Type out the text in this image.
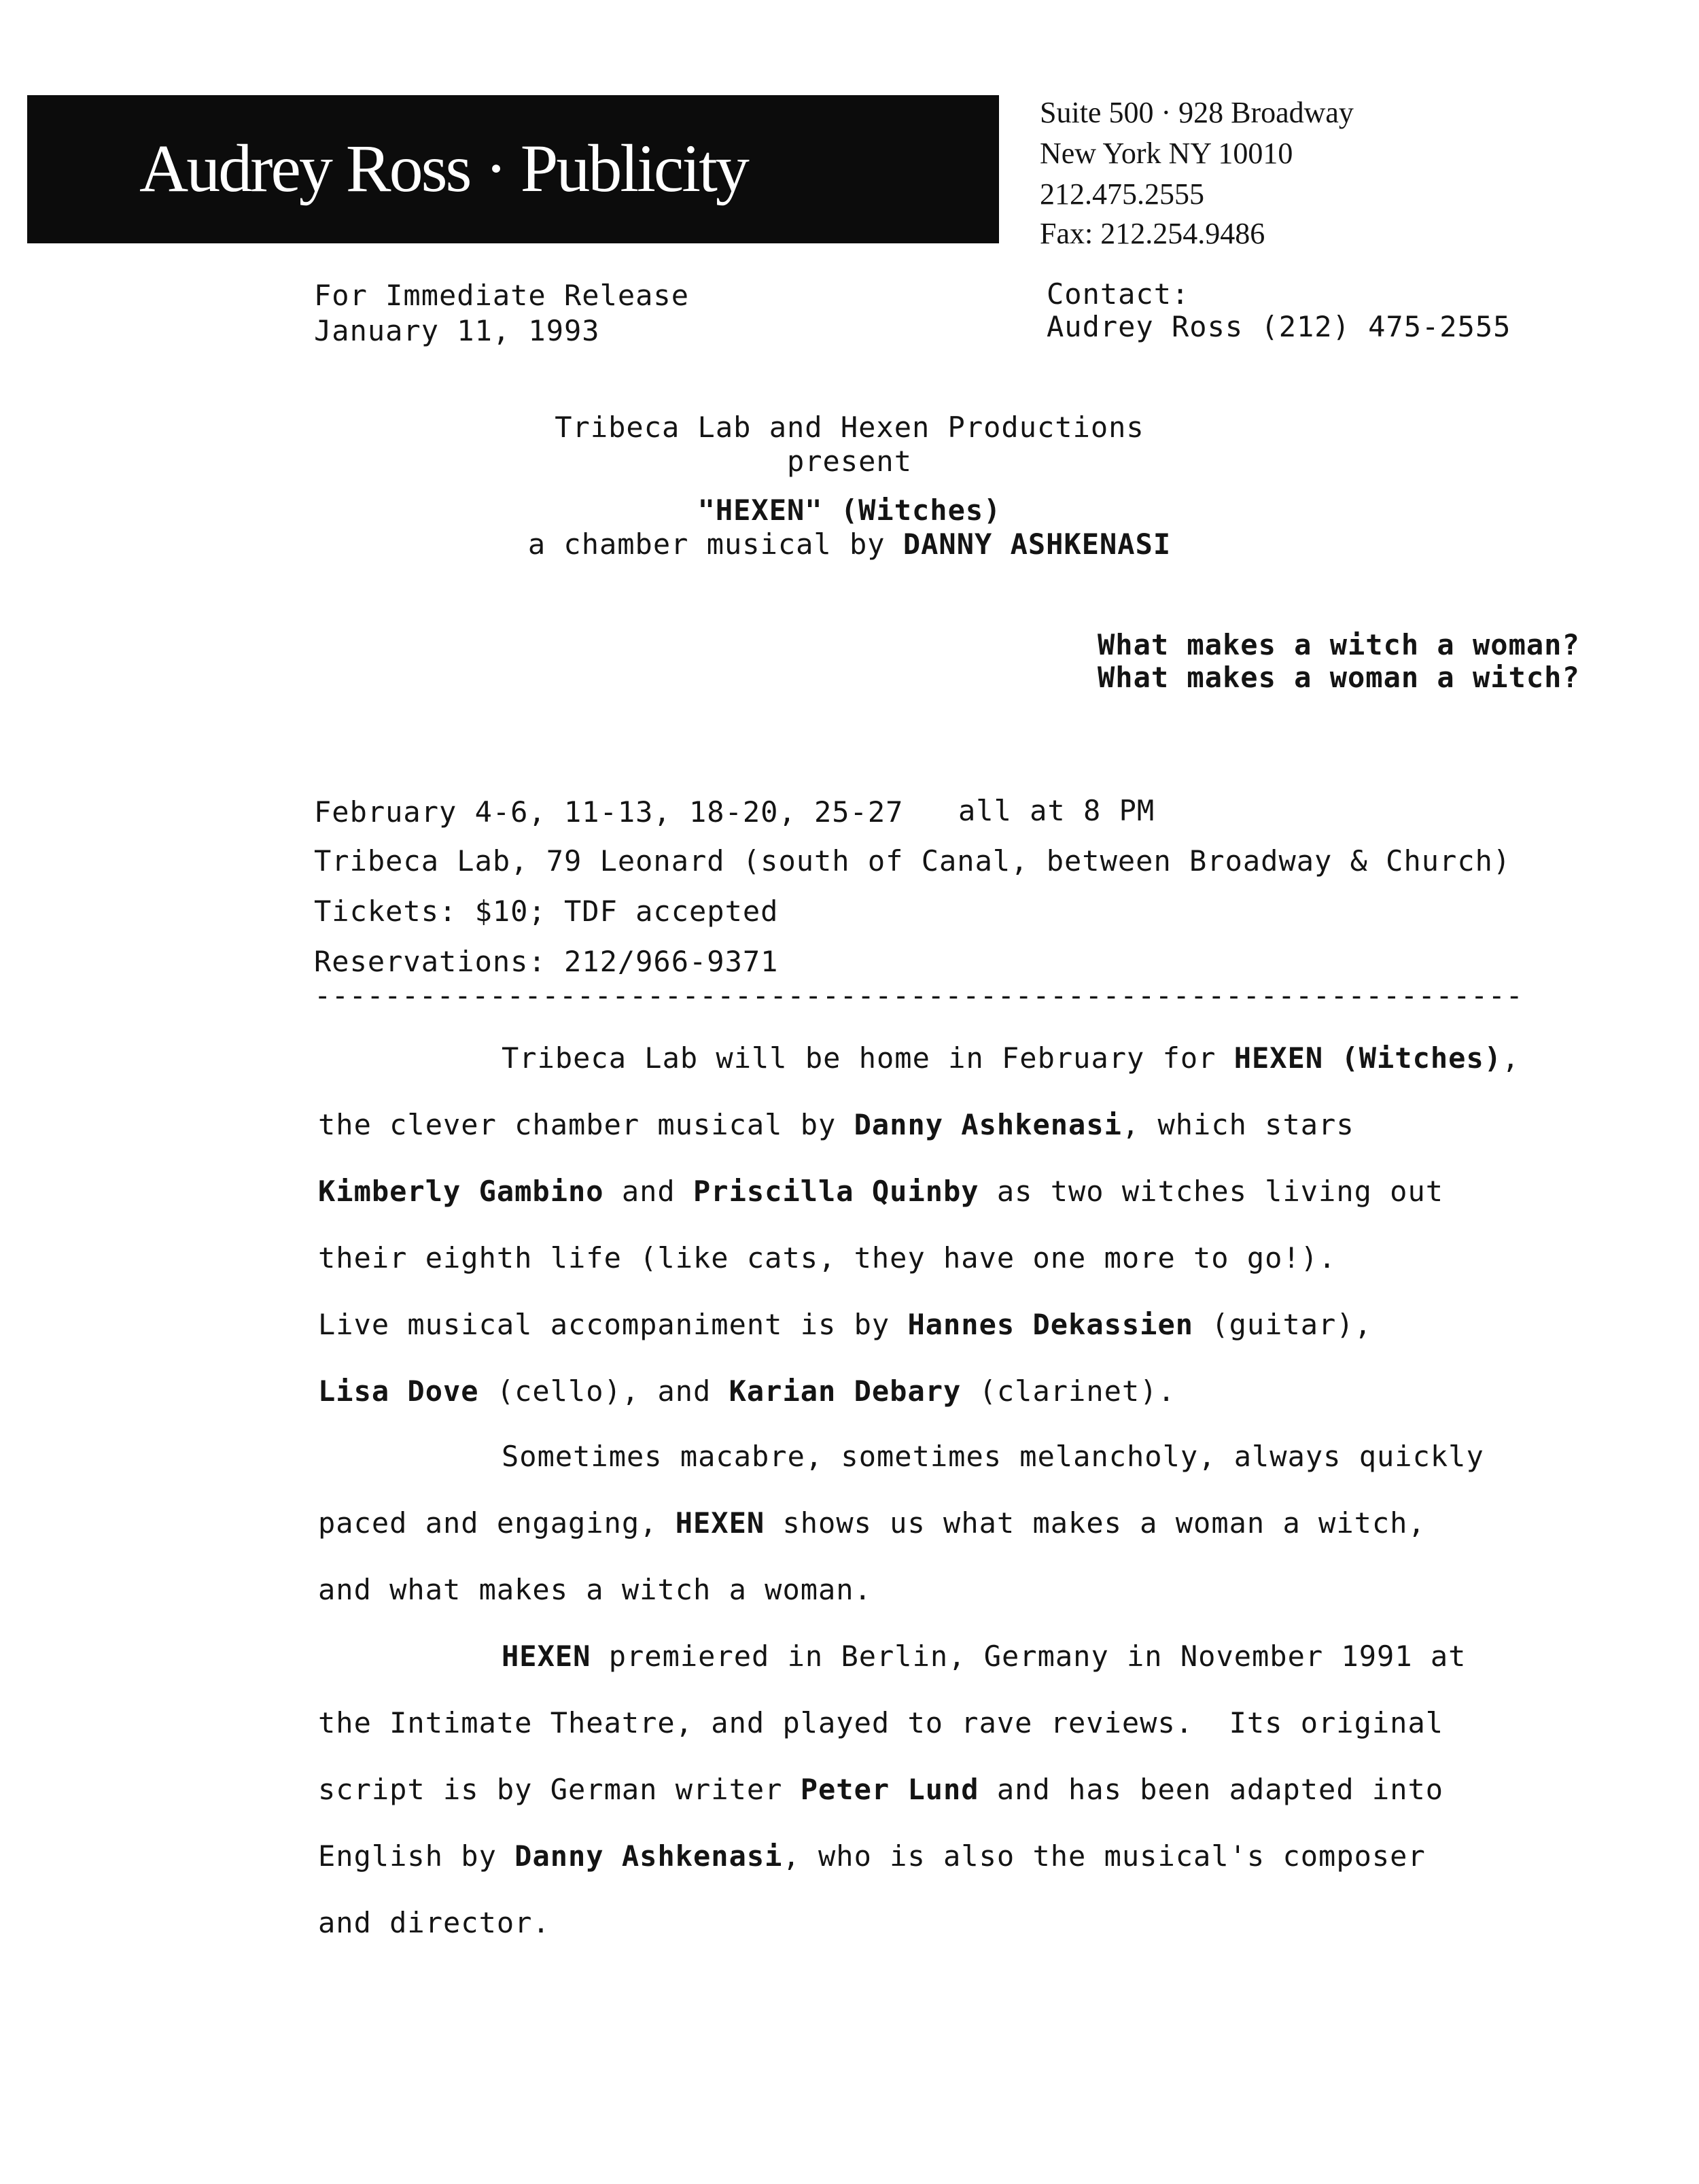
Audrey Ross · Publicity
Suite 500 · 928 Broadway
New York NY 10010
212.475.2555
Fax: 212.254.9486
For Immediate Release
January 11, 1993
Contact:
Audrey Ross (212) 475-2555
Tribeca Lab and Hexen Productions
present
"HEXEN" (Witches)
a chamber musical by DANNY ASHKENASI
What makes a witch a woman?
What makes a woman a witch?
February 4-6, 11-13, 18-20, 25-27 all at 8 PM
Tribeca Lab, 79 Leonard (south of Canal, between Broadway & Church)
Tickets: $10; TDF accepted
Reservations: 212/966-9371
---------------------------------------------------------------------
Tribeca Lab will be home in February for HEXEN (Witches),
the clever chamber musical by Danny Ashkenasi, which stars
Kimberly Gambino and Priscilla Quinby as two witches living out
their eighth life (like cats, they have one more to go!).
Live musical accompaniment is by Hannes Dekassien (guitar),
Lisa Dove (cello), and Karian Debary (clarinet).
Sometimes macabre, sometimes melancholy, always quickly
paced and engaging, HEXEN shows us what makes a woman a witch,
and what makes a witch a woman.
HEXEN premiered in Berlin, Germany in November 1991 at
the Intimate Theatre, and played to rave reviews.  Its original
script is by German writer Peter Lund and has been adapted into
English by Danny Ashkenasi, who is also the musical's composer
and director.
